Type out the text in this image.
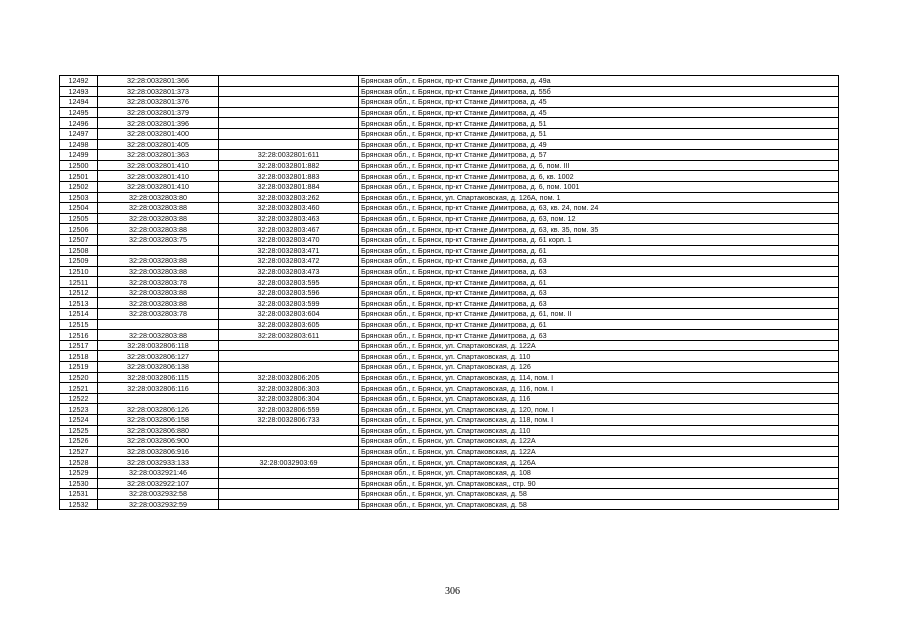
12492	32:28:0032801:366		Брянская обл., г. Брянск, пр-кт Станке Димитрова, д. 49а
12493	32:28:0032801:373		Брянская обл., г. Брянск, пр-кт Станке Димитрова, д. 55б
12494	32:28:0032801:376		Брянская обл., г. Брянск, пр-кт Станке Димитрова, д. 45
12495	32:28:0032801:379		Брянская обл., г. Брянск, пр-кт Станке Димитрова, д. 45
12496	32:28:0032801:396		Брянская обл., г. Брянск, пр-кт Станке Димитрова, д. 51
12497	32:28:0032801:400		Брянская обл., г. Брянск, пр-кт Станке Димитрова, д. 51
12498	32:28:0032801:405		Брянская обл., г. Брянск, пр-кт Станке Димитрова, д. 49
12499	32:28:0032801:363	32:28:0032801:611	Брянская обл., г. Брянск, пр-кт Станке Димитрова, д. 57
12500	32:28:0032801:410	32:28:0032801:882	Брянская обл., г. Брянск, пр-кт Станке Димитрова, д. 6, пом. III
12501	32:28:0032801:410	32:28:0032801:883	Брянская обл., г. Брянск, пр-кт Станке Димитрова, д. 6, кв. 1002
12502	32:28:0032801:410	32:28:0032801:884	Брянская обл., г. Брянск, пр-кт Станке Димитрова, д. 6, пом. 1001
12503	32:28:0032803:80	32:28:0032803:262	Брянская обл., г. Брянск, ул. Спартаковская, д. 126А, пом. 1
12504	32:28:0032803:88	32:28:0032803:460	Брянская обл., г. Брянск, пр-кт Станке Димитрова, д. 63, кв. 24, пом. 24
12505	32:28:0032803:88	32:28:0032803:463	Брянская обл., г. Брянск, пр-кт Станке Димитрова, д. 63, пом. 12
12506	32:28:0032803:88	32:28:0032803:467	Брянская обл., г. Брянск, пр-кт Станке Димитрова, д. 63, кв. 35, пом. 35
12507	32:28:0032803:75	32:28:0032803:470	Брянская обл., г. Брянск, пр-кт Станке Димитрова, д. 61 корп. 1
12508		32:28:0032803:471	Брянская обл., г. Брянск, пр-кт Станке Димитрова, д. 61
12509	32:28:0032803:88	32:28:0032803:472	Брянская обл., г. Брянск, пр-кт Станке Димитрова, д. 63
12510	32:28:0032803:88	32:28:0032803:473	Брянская обл., г. Брянск, пр-кт Станке Димитрова, д. 63
12511	32:28:0032803:78	32:28:0032803:595	Брянская обл., г. Брянск, пр-кт Станке Димитрова, д. 61
12512	32:28:0032803:88	32:28:0032803:596	Брянская обл., г. Брянск, пр-кт Станке Димитрова, д. 63
12513	32:28:0032803:88	32:28:0032803:599	Брянская обл., г. Брянск, пр-кт Станке Димитрова, д. 63
12514	32:28:0032803:78	32:28:0032803:604	Брянская обл., г. Брянск, пр-кт Станке Димитрова, д. 61, пом. II
12515		32:28:0032803:605	Брянская обл., г. Брянск, пр-кт Станке Димитрова, д. 61
12516	32:28:0032803:88	32:28:0032803:611	Брянская обл., г. Брянск, пр-кт Станке Димитрова, д. 63
12517	32:28:0032806:118		Брянская обл., г. Брянск, ул. Спартаковская, д. 122А
12518	32:28:0032806:127		Брянская обл., г. Брянск, ул. Спартаковская, д. 110
12519	32:28:0032806:138		Брянская обл., г. Брянск, ул. Спартаковская, д. 126
12520	32:28:0032806:115	32:28:0032806:205	Брянская обл., г. Брянск, ул. Спартаковская, д. 114, пом. I
12521	32:28:0032806:116	32:28:0032806:303	Брянская обл., г. Брянск, ул. Спартаковская, д. 116, пом. I
12522		32:28:0032806:304	Брянская обл., г. Брянск, ул. Спартаковская, д. 116
12523	32:28:0032806:126	32:28:0032806:559	Брянская обл., г. Брянск, ул. Спартаковская, д. 120, пом. I
12524	32:28:0032806:158	32:28:0032806:733	Брянская обл., г. Брянск, ул. Спартаковская, д. 118, пом. I
12525	32:28:0032806:880		Брянская обл., г. Брянск, ул. Спартаковская, д. 110
12526	32:28:0032806:900		Брянская обл., г. Брянск, ул. Спартаковская, д. 122А
12527	32:28:0032806:916		Брянская обл., г. Брянск, ул. Спартаковская, д. 122А
12528	32:28:0032933:133	32:28:0032903:69	Брянская обл., г. Брянск, ул. Спартаковская, д. 126А
12529	32:28:0032921:46		Брянская обл., г. Брянск, ул. Спартаковская, д. 108
12530	32:28:0032922:107		Брянская обл., г. Брянск, ул. Спартаковская,, стр. 90
12531	32:28:0032932:58		Брянская обл., г. Брянск, ул. Спартаковская, д. 58
12532	32:28:0032932:59		Брянская обл., г. Брянск, ул. Спартаковская, д. 58
306
